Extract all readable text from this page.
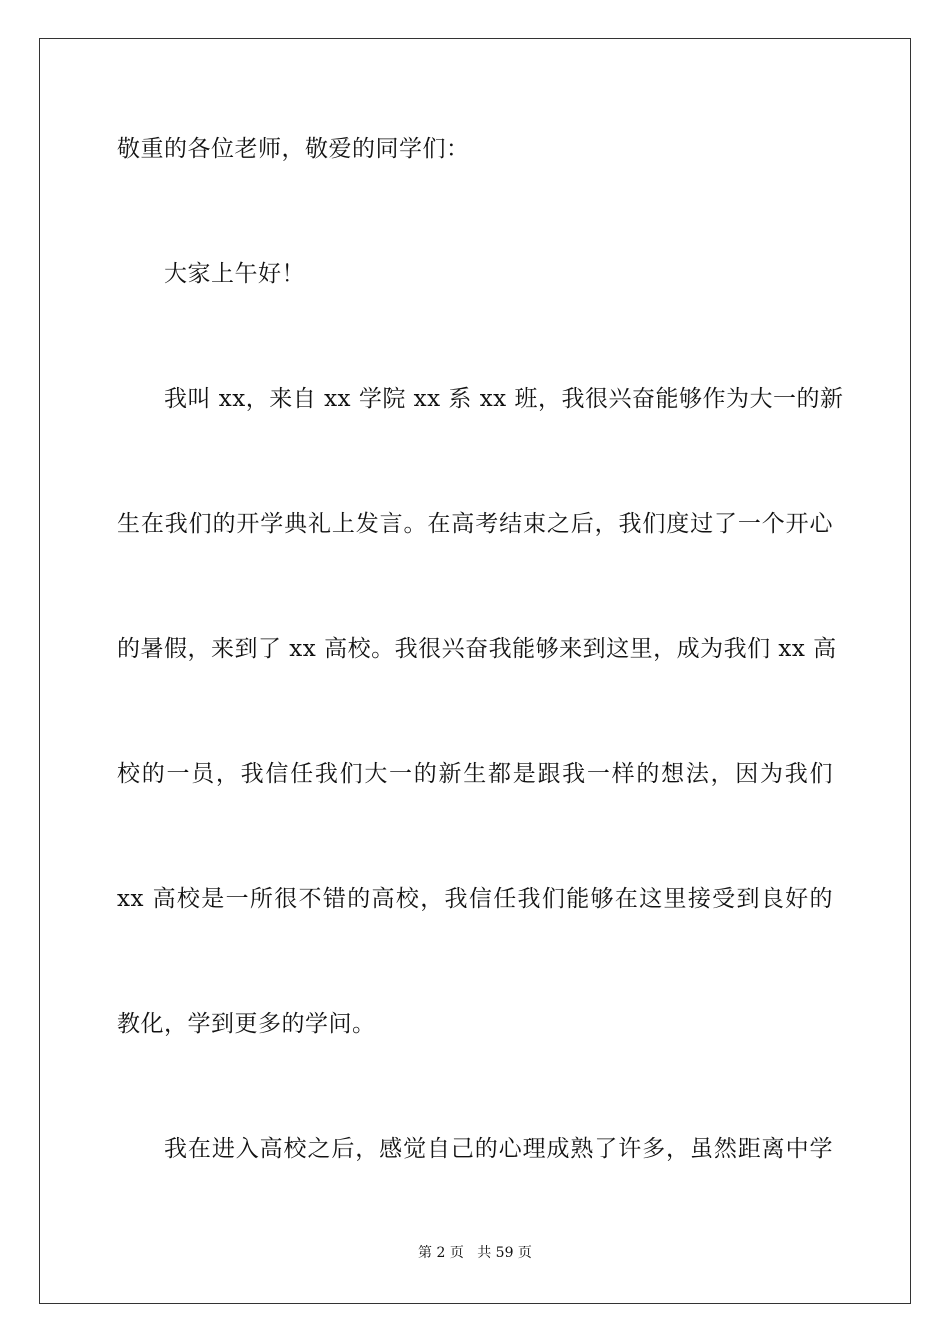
敬重的各位老师，敬爱的同学们：
大家上午好！
我叫 xx，来自 xx 学院 xx 系 xx 班，我很兴奋能够作为大一的新
生在我们的开学典礼上发言。在高考结束之后，我们度过了一个开心
的暑假，来到了 xx 高校。我很兴奋我能够来到这里，成为我们 xx 高
校的一员，我信任我们大一的新生都是跟我一样的想法，因为我们
xx 高校是一所很不错的高校，我信任我们能够在这里接受到良好的
教化，学到更多的学问。
我在进入高校之后，感觉自己的心理成熟了许多，虽然距离中学
第 2 页 共 59 页
